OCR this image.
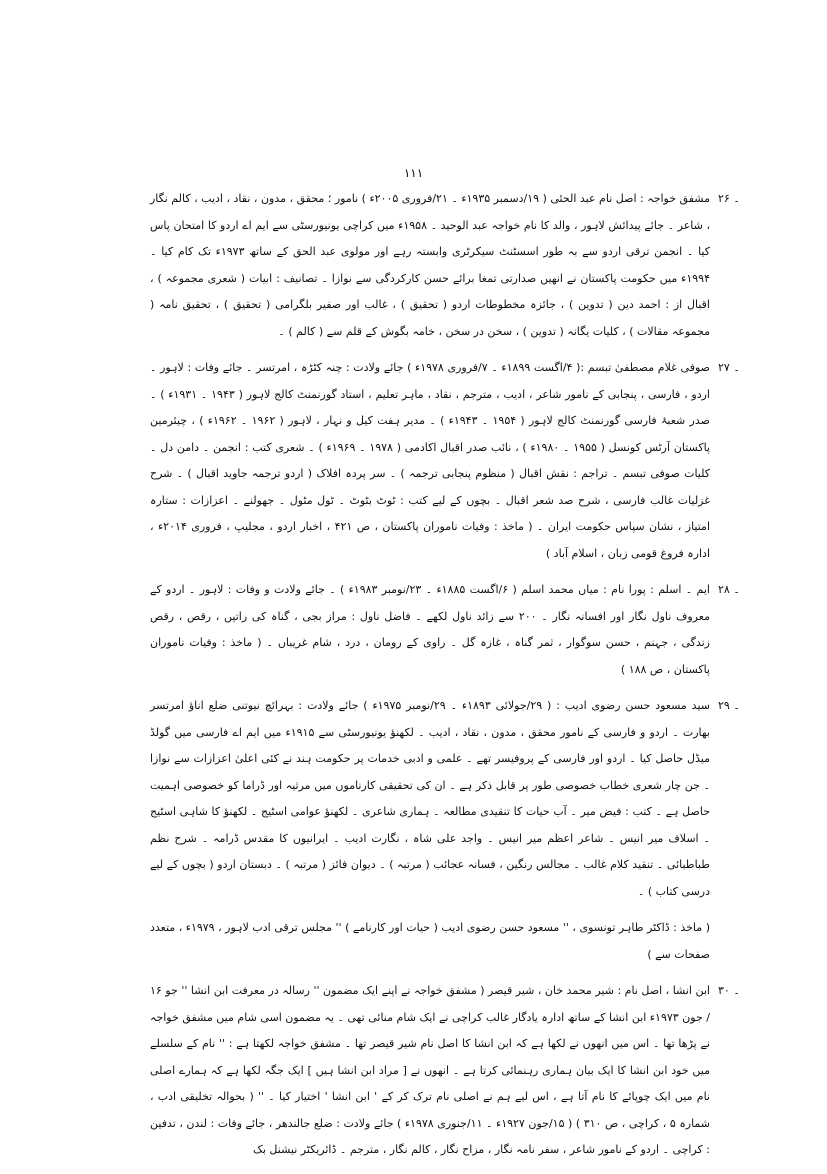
۱۱۱
۲۶ ۔
مشفق خواجہ : اصل نام عبد الحئی ( ۱۹/دسمبر ۱۹۳۵ء ۔ ۲۱/فروری ۲۰۰۵ء ) نامور ؛ محقق ، مدون ، نقاد ، ادیب ، کالم نگار ، شاعر ۔ جائے پیدائش لاہور ، والد کا نام خواجہ عبد الوحید ۔ ۱۹۵۸ء میں کراچی یونیورسٹی سے ایم اے اردو کا امتحان پاس کیا ۔ انجمن ترقی اردو سے بہ طور اسسٹنٹ سیکرٹری وابستہ رہے اور مولوی عبد الحق کے ساتھ ۱۹۷۳ء تک کام کیا ۔ ۱۹۹۴ء میں حکومت پاکستان نے انھیں صدارتی تمغا برائے حسن کارکردگی سے نوازا ۔ تصانیف : ابیات ( شعری مجموعہ ) ، اقبال از : احمد دین ( تدوین ) ، جائزہ مخطوطات اردو ( تحقیق ) ، غالب اور صفیر بلگرامی ( تحقیق ) ، تحقیق نامہ ( مجموعہ مقالات ) ، کلیات یگانہ ( تدوین ) ، سخن در سخن ، خامہ بگوش کے قلم سے ( کالم ) ۔
۲۷ ۔
صوفی غلام مصطفیٰ تبسم :( ۴/اگست ۱۸۹۹ء ۔ ۷/فروری ۱۹۷۸ء ) جائے ولادت : چنہ کٹڑہ ، امرتسر ۔ جائے وفات : لاہور ۔ اردو ، فارسی ، پنجابی کے نامور شاعر ، ادیب ، مترجم ، نقاد ، ماہر تعلیم ، استاد گورنمنٹ کالج لاہور ( ۱۹۴۳ ۔ ۱۹۳۱ء ) ۔ صدر شعبۂ فارسی گورنمنٹ کالج لاہور ( ۱۹۵۴ ۔ ۱۹۴۳ء ) ۔ مدیر ہفت کیل و نہار ، لاہور ( ۱۹۶۲ ۔ ۱۹۶۲ء ) ، چیئرمین پاکستان آرٹس کونسل ( ۱۹۵۵ ۔ ۱۹۸۰ء ) ، نائب صدر اقبال اکادمی ( ۱۹۷۸ ۔ ۱۹۶۹ء ) ۔ شعری کتب : انجمن ۔ دامن دل ۔ کلیات صوفی تبسم ۔ تراجم : نقش اقبال ( منظوم پنجابی ترجمہ ) ۔ سر پردہ افلاک ( اردو ترجمہ جاوید اقبال ) ۔ شرح غزلیات غالب فارسی ، شرح صد شعر اقبال ۔ بچوں کے لیے کتب : ٹوٹ بٹوٹ ۔ ٹول مٹول ۔ جھولنے ۔ اعزازات : ستارہ امتیاز ، نشان سپاس حکومت ایران ۔ ( ماخذ : وفیات ناموران پاکستان ، ص ۴۲۱ ، اخبار اردو ، مجلیپ ، فروری ۲۰۱۴ء ، ادارہ فروغ قومی زبان ، اسلام آباد )
۲۸ ۔
ایم ۔ اسلم : پورا نام : میاں محمد اسلم ( ۶/اگست ۱۸۸۵ء ۔ ۲۳/نومبر ۱۹۸۳ء ) ۔ جائے ولادت و وفات : لاہور ۔ اردو کے معروف ناول نگار اور افسانہ نگار ۔ ۲۰۰ سے زائد ناول لکھے ۔ فاضل ناول : مراز بجی ، گناہ کی راتیں ، رقص ، رقص زندگی ، جہنم ، حسن سوگوار ، ثمر گناہ ، غازہ گل ۔ راوی کے رومان ، درد ، شام غریباں ۔ ( ماخذ : وفیات ناموران پاکستان ، ص ۱۸۸ )
۲۹ ۔
سید مسعود حسن رضوی ادیب : ( ۲۹/جولائی ۱۸۹۳ء ۔ ۲۹/نومبر ۱۹۷۵ء ) جائے ولادت : بہرائچ نیوتنی ضلع اناؤ امرتسر بھارت ۔ اردو و فارسی کے نامور محقق ، مدون ، نقاد ، ادیب ۔ لکھنؤ یونیورسٹی سے ۱۹۱۵ء میں ایم اے فارسی میں گولڈ میڈل حاصل کیا ۔ اردو اور فارسی کے پروفیسر تھے ۔ علمی و ادبی خدمات پر حکومت ہند نے کئی اعلیٰ اعزازات سے نوازا ۔ جن چار شعری خطاب خصوصی طور پر قابل ذکر ہے ۔ ان کی تحقیقی کارناموں میں مرثیہ اور ڈراما کو خصوصی اہمیت حاصل ہے ۔ کتب : فیض میر ۔ آب حیات کا تنقیدی مطالعہ ۔ ہماری شاعری ۔ لکھنؤ عوامی اسٹیج ۔ لکھنؤ کا شاہی اسٹیج ۔ اسلاف میر انیس ۔ شاعر اعظم میر انیس ۔ واجد علی شاہ ، نگارت ادیب ۔ ایرانیوں کا مقدس ڈرامہ ۔ شرح نظم طباطبائی ۔ تنقید کلام غالب ۔ مجالس رنگین ، فسانہ عجائب ( مرتبہ ) ۔ دیوان فائز ( مرتبہ ) ۔ دبستان اردو ( بچوں کے لیے درسی کتاب ) ۔
( ماخذ : ڈاکٹر طاہر تونسوی ، '' مسعود حسن رضوی ادیب ( حیات اور کارنامے ) '' مجلس ترقی ادب لاہور ، ۱۹۷۹ء ، متعدد صفحات سے )
۳۰ ۔
ابن انشا ، اصل نام : شیر محمد خان ، شیر قیصر ( مشفق خواجہ نے اپنے ایک مضمون '' رسالہ در معرفت ابن انشا '' جو ۱۶ / جون ۱۹۷۳ء ابن انشا کے ساتھ ادارہ یادگار غالب کراچی نے ایک شام منائی تھی ۔ یہ مضمون اسی شام میں مشفق خواجہ نے پڑھا تھا ۔ اس میں انھوں نے لکھا ہے کہ ابن انشا کا اصل نام شیر قیصر تھا ۔ مشفق خواجہ لکھتا ہے : '' نام کے سلسلے میں خود ابن انشا کا ایک بیان ہماری رہنمائی کرتا ہے ۔ انھوں نے [ مراد ابن انشا ہیں ] ایک جگہ لکھا ہے کہ ہمارے اصلی نام میں ایک چوپائے کا نام آتا ہے ، اس لیے ہم نے اصلی نام ترک کر کے ' ابن انشا ' اختیار کیا ۔ '' ( بحوالہ تخلیقی ادب ، شمارہ ۵ ، کراچی ، ص ۳۱۰ ) ( ۱۵/جون ۱۹۲۷ء ۔ ۱۱/جنوری ۱۹۷۸ء ) جائے ولادت : ضلع جالندھر ، جائے وفات : لندن ، تدفین : کراچی ۔ اردو کے نامور شاعر ، سفر نامہ نگار ، مزاح نگار ، کالم نگار ، مترجم ۔ ڈائریکٹر نیشنل بک
